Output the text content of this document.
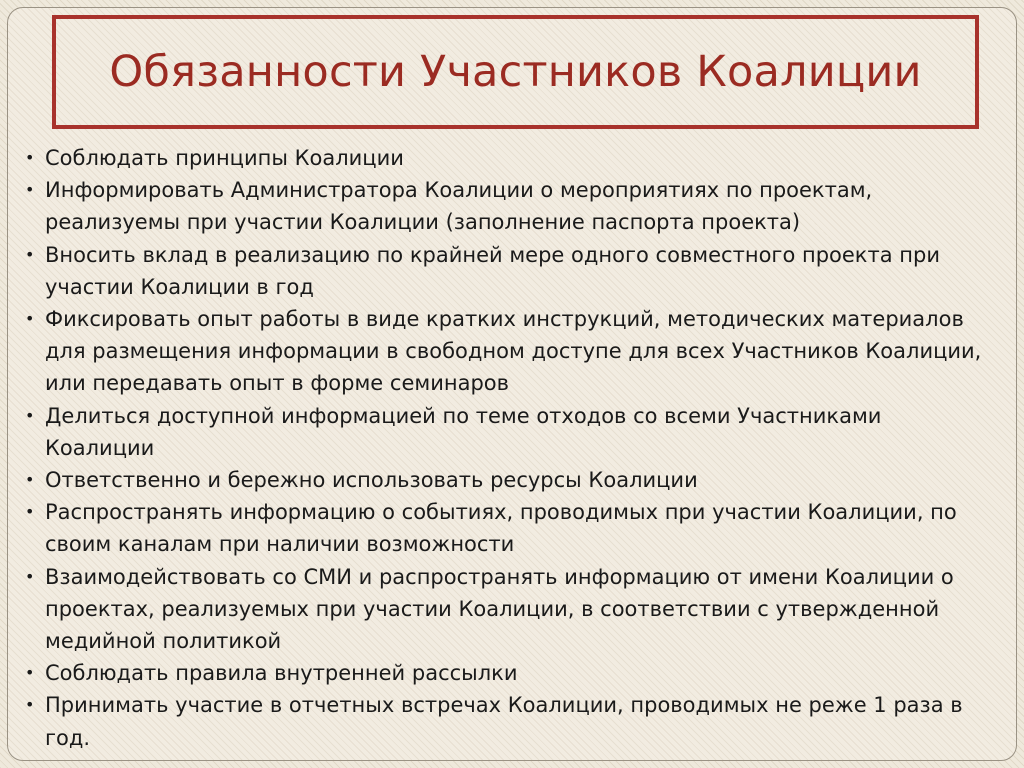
Обязанности Участников Коалиции
• Соблюдать принципы Коалиции
• Информировать Администратора Коалиции о мероприятиях по проектам, реализуемы при участии Коалиции (заполнение паспорта проекта)
• Вносить вклад в реализацию по крайней мере одного совместного проекта при участии Коалиции в год
• Фиксировать опыт работы в виде кратких инструкций, методических материалов для размещения информации в свободном доступе для всех Участников Коалиции, или передавать опыт в форме семинаров
• Делиться доступной информацией по теме отходов со всеми Участниками Коалиции
• Ответственно и бережно использовать ресурсы Коалиции
• Распространять информацию о событиях, проводимых при участии Коалиции, по своим каналам при наличии возможности
• Взаимодействовать со СМИ и распространять информацию от имени Коалиции о проектах, реализуемых при участии Коалиции, в соответствии с утвержденной медийной политикой
• Соблюдать правила внутренней рассылки
• Принимать участие в отчетных встречах Коалиции, проводимых не реже 1 раза в год.
